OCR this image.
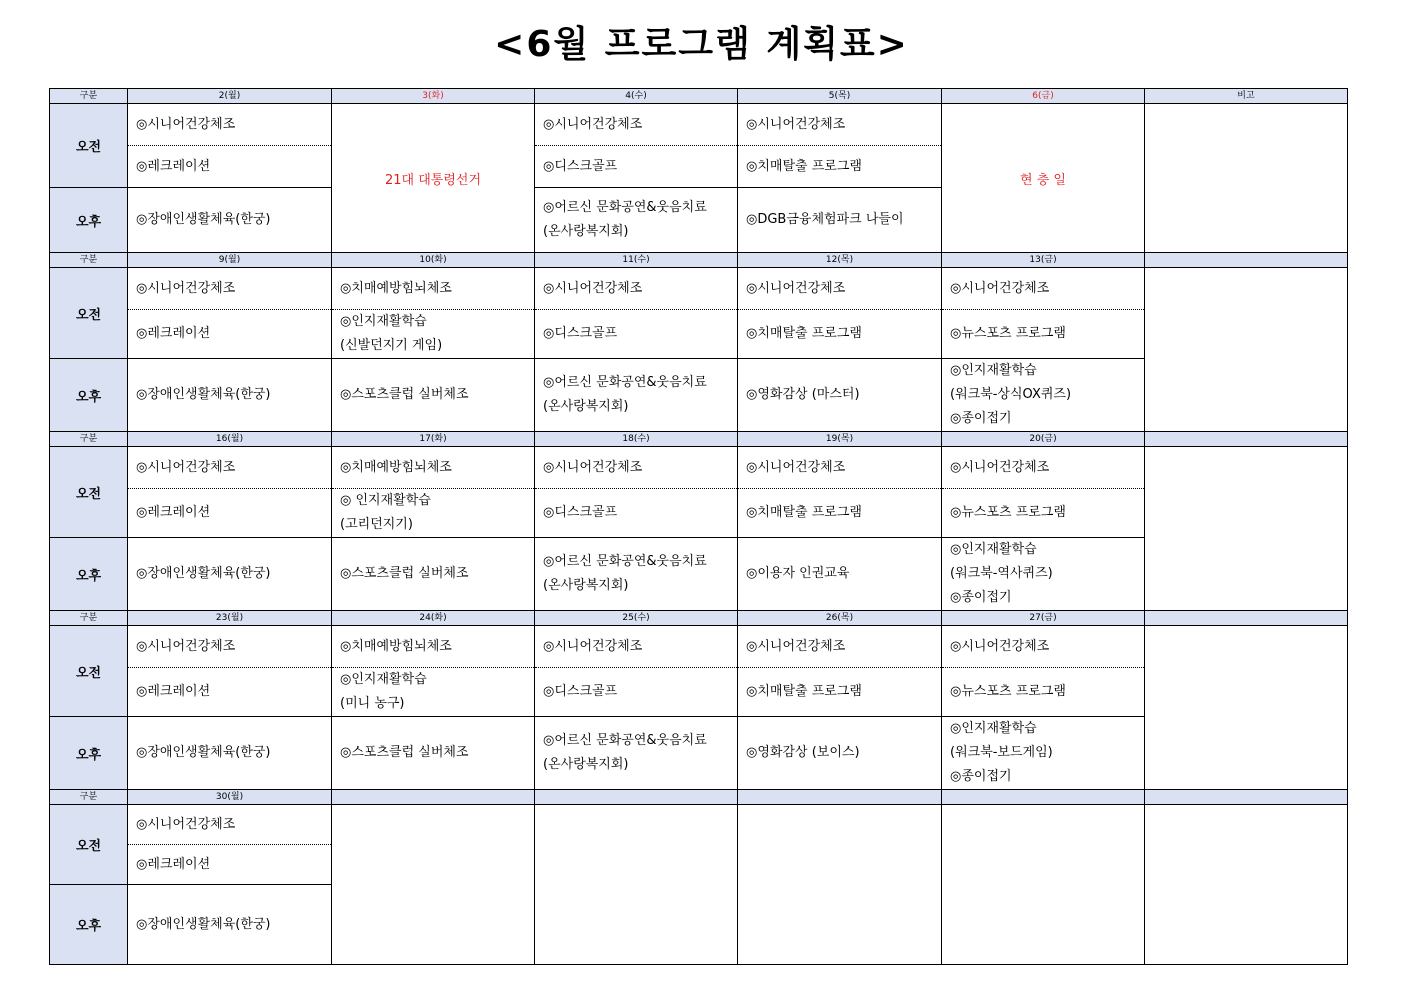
<6월 프로그램 계획표>
구분	2(월)	3(화)	4(수)	5(목)	6(금)	비고
오전	◎시니어건강체조	21대 대통령선거	◎시니어건강체조	◎시니어건강체조	현 충 일	

	◎레크레이션		◎디스크골프	◎치매탈출 프로그램		

오후	◎장애인생활체육(한궁)		◎어르신 문화공연&웃음치료
(온사랑복지회)	◎DGB금융체험파크 나들이		

구분	9(월)	10(화)	11(수)	12(목)	13(금)	
오전	◎시니어건강체조	◎치매예방힘뇌체조	◎시니어건강체조	◎시니어건강체조	◎시니어건강체조	

	◎레크레이션	◎인지재활학습
(신발던지기 게임)	◎디스크골프	◎치매탈출 프로그램	◎뉴스포츠 프로그램	

오후	◎장애인생활체육(한궁)	◎스포츠클럽 실버체조	◎어르신 문화공연&웃음치료
(온사랑복지회)	◎영화감상 (마스터)	◎인지재활학습
(워크북-상식OX퀴즈)
◎종이접기	

구분	16(월)	17(화)	18(수)	19(목)	20(금)	
오전	◎시니어건강체조	◎치매예방힘뇌체조	◎시니어건강체조	◎시니어건강체조	◎시니어건강체조	

	◎레크레이션	◎ 인지재활학습
(고리던지기)	◎디스크골프	◎치매탈출 프로그램	◎뉴스포츠 프로그램	

오후	◎장애인생활체육(한궁)	◎스포츠클럽 실버체조	◎어르신 문화공연&웃음치료
(온사랑복지회)	◎이용자 인권교육	◎인지재활학습
(워크북-역사퀴즈)
◎종이접기	

구분	23(월)	24(화)	25(수)	26(목)	27(금)	
오전	◎시니어건강체조	◎치매예방힘뇌체조	◎시니어건강체조	◎시니어건강체조	◎시니어건강체조	

	◎레크레이션	◎인지재활학습
(미니 농구)	◎디스크골프	◎치매탈출 프로그램	◎뉴스포츠 프로그램	

오후	◎장애인생활체육(한궁)	◎스포츠클럽 실버체조	◎어르신 문화공연&웃음치료
(온사랑복지회)	◎영화감상 (보이스)	◎인지재활학습
(워크북-보드게임)
◎종이접기	

구분	30(월)					
오전	◎시니어건강체조					

	◎레크레이션					

오후	◎장애인생활체육(한궁)					
